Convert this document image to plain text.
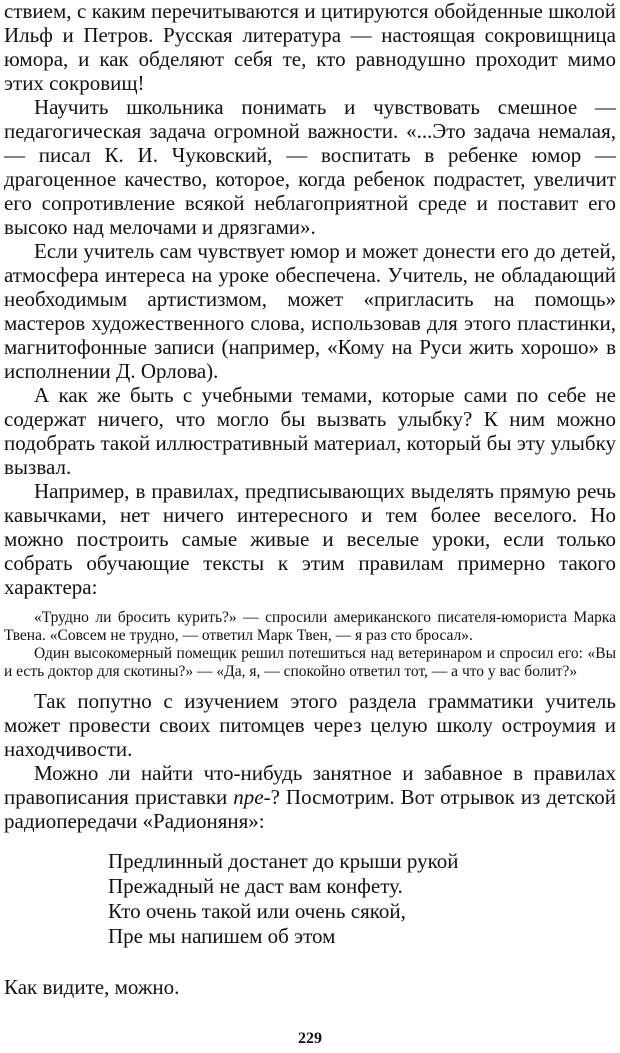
ствием, с каким перечитываются и цитируются обойденные школой Ильф и Петров. Русская литература — настоящая сокровищница юмора, и как обделяют себя те, кто равнодушно проходит мимо этих сокровищ!

Научить школьника понимать и чувствовать смешное — педагогическая задача огромной важности. «...Это задача немалая, — писал К. И. Чуковский, — воспитать в ребенке юмор — драгоценное качество, которое, когда ребенок подрастет, увеличит его сопротивление всякой неблагоприятной среде и поставит его высоко над мелочами и дрязгами».

Если учитель сам чувствует юмор и может донести его до детей, атмосфера интереса на уроке обеспечена. Учитель, не обладающий необходимым артистизмом, может «пригласить на помощь» мастеров художественного слова, использовав для этого пластинки, магнитофонные записи (например, «Кому на Руси жить хорошо» в исполнении Д. Орлова).

А как же быть с учебными темами, которые сами по себе не содержат ничего, что могло бы вызвать улыбку? К ним можно подобрать такой иллюстративный материал, который бы эту улыбку вызвал.

Например, в правилах, предписывающих выделять прямую речь кавычками, нет ничего интересного и тем более веселого. Но можно построить самые живые и веселые уроки, если только собрать обучающие тексты к этим правилам примерно такого характера:

«Трудно ли бросить курить?» — спросили американского писателя-юмориста Марка Твена. «Совсем не трудно, — ответил Марк Твен, — я раз сто бросал».

Один высокомерный помещик решил потешиться над ветеринаром и спросил его: «Вы и есть доктор для скотины?» — «Да, я, — спокойно ответил тот, — а что у вас болит?»

Так попутно с изучением этого раздела грамматики учитель может провести своих питомцев через целую школу остроумия и находчивости.

Можно ли найти что-нибудь занятное и забавное в правилах правописания приставки пре-? Посмотрим. Вот отрывок из детской радиопередачи «Радионяня»:

Предлинный достанет до крыши рукой
Прежадный не даст вам конфету.
Кто очень такой или очень сякой,
Пре мы напишем об этом
Как видите, можно.
229
